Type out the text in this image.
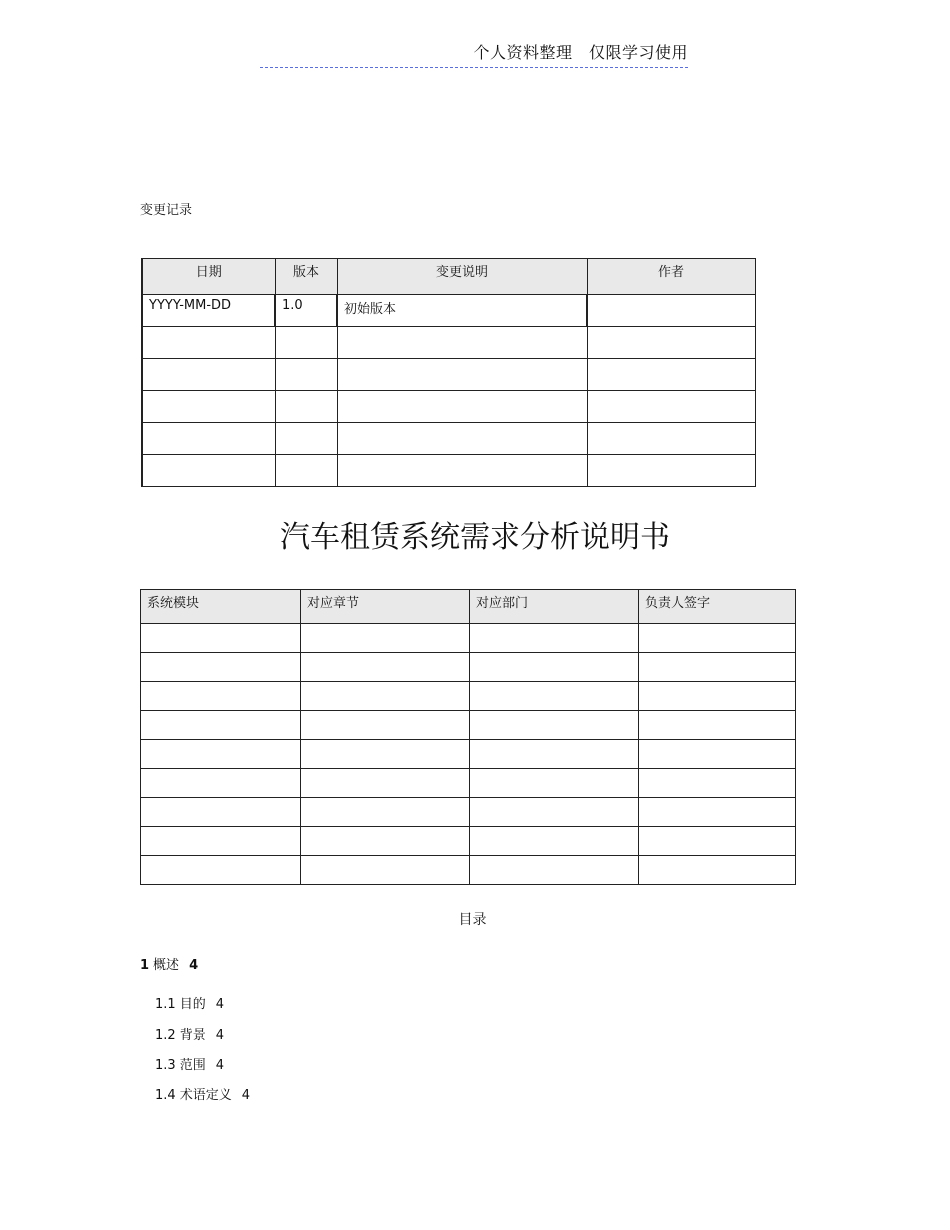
个人资料整理　仅限学习使用
变更记录
日期	版本	变更说明	作者
YYYY-MM-DD	1.0	初始版本	

汽车租赁系统需求分析说明书
系统模块	对应章节	对应部门	负责人签字

目录
1 概述 4
1.1 目的 4
1.2 背景 4
1.3 范围 4
1.4 术语定义 4
